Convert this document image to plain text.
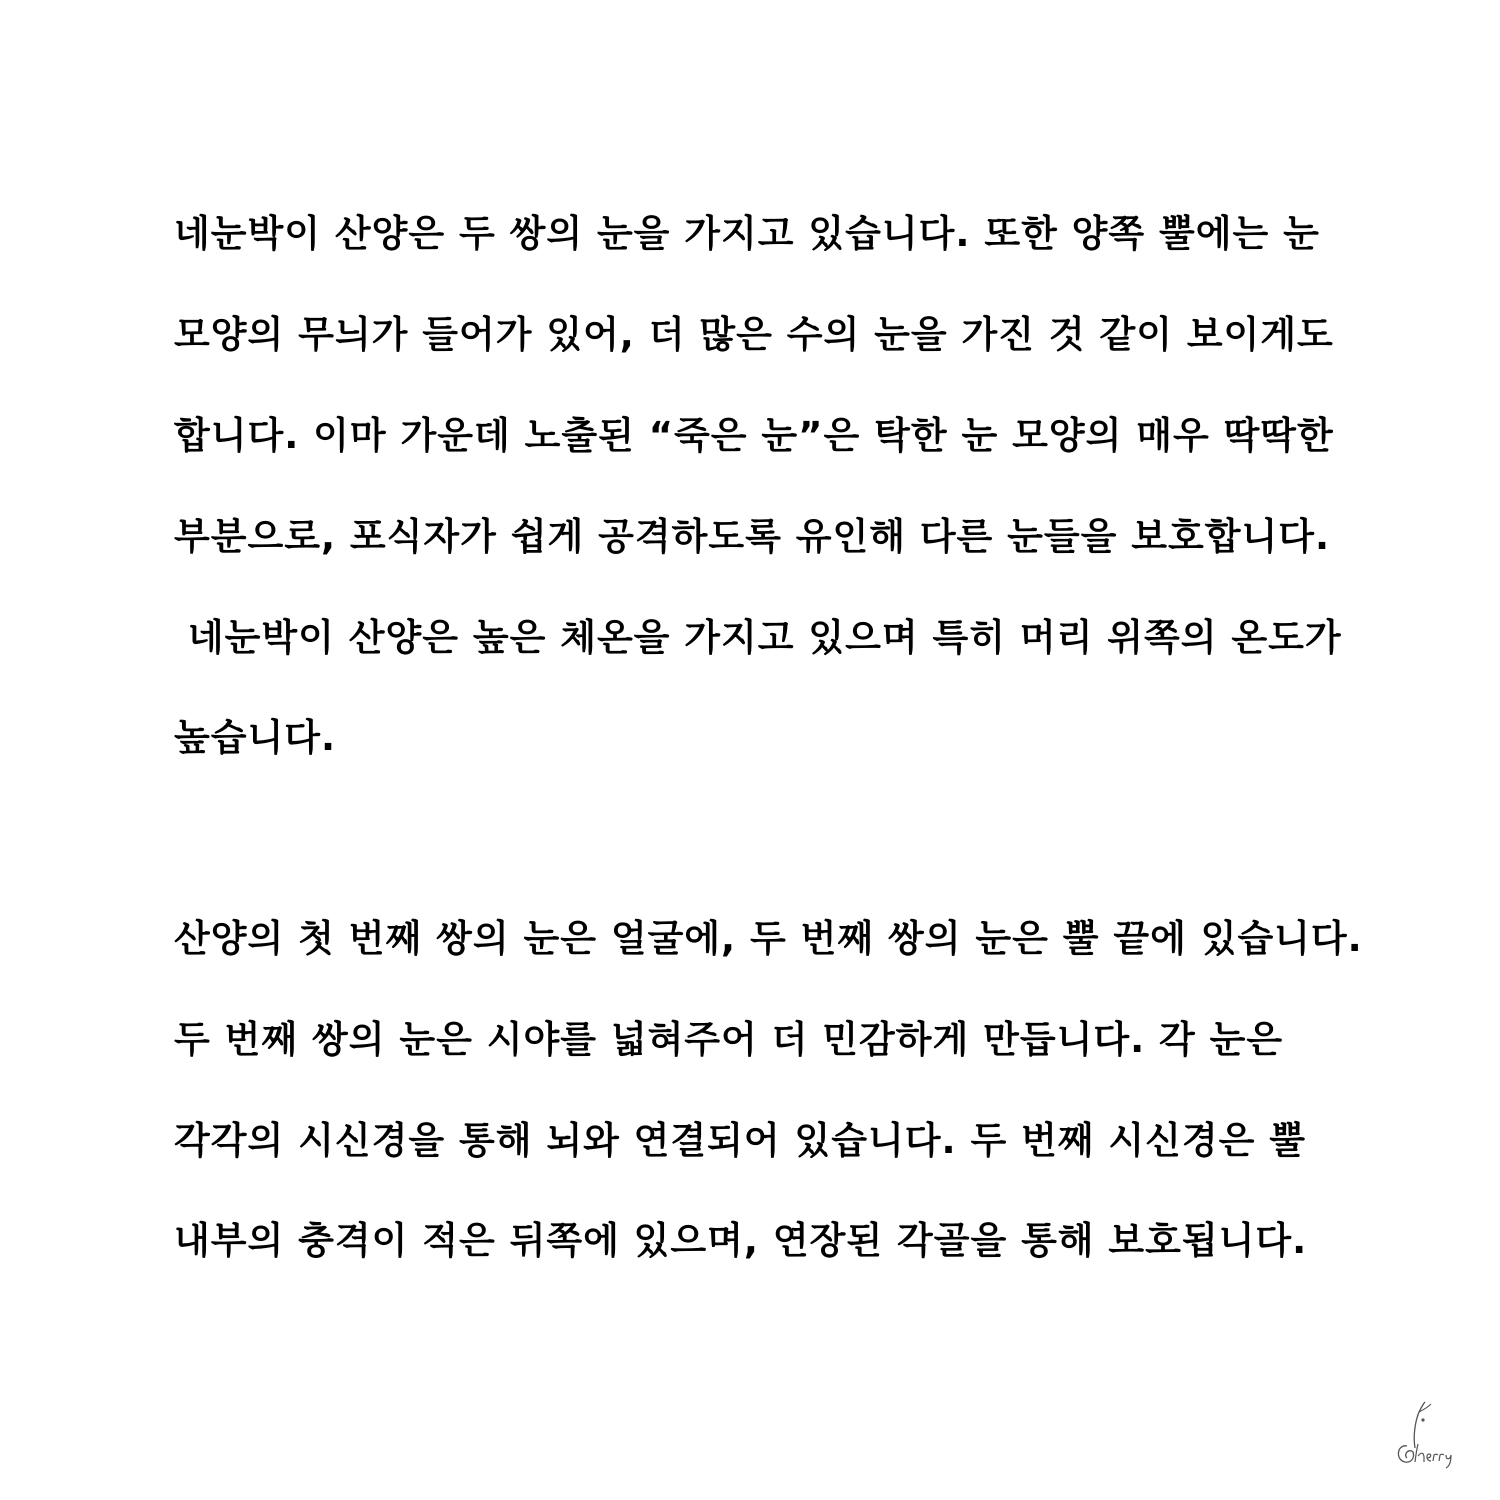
네눈박이 산양은 두 쌍의 눈을 가지고 있습니다. 또한 양쪽 뿔에는 눈

모양의 무늬가 들어가 있어, 더 많은 수의 눈을 가진 것 같이 보이게도

합니다. 이마 가운데 노출된 “죽은 눈”은 탁한 눈 모양의 매우 딱딱한

부분으로, 포식자가 쉽게 공격하도록 유인해 다른 눈들을 보호합니다.

네눈박이 산양은 높은 체온을 가지고 있으며 특히 머리 위쪽의 온도가

높습니다.

산양의 첫 번째 쌍의 눈은 얼굴에, 두 번째 쌍의 눈은 뿔 끝에 있습니다.

두 번째 쌍의 눈은 시야를 넓혀주어 더 민감하게 만듭니다. 각 눈은

각각의 시신경을 통해 뇌와 연결되어 있습니다. 두 번째 시신경은 뿔

내부의 충격이 적은 뒤쪽에 있으며, 연장된 각골을 통해 보호됩니다.
